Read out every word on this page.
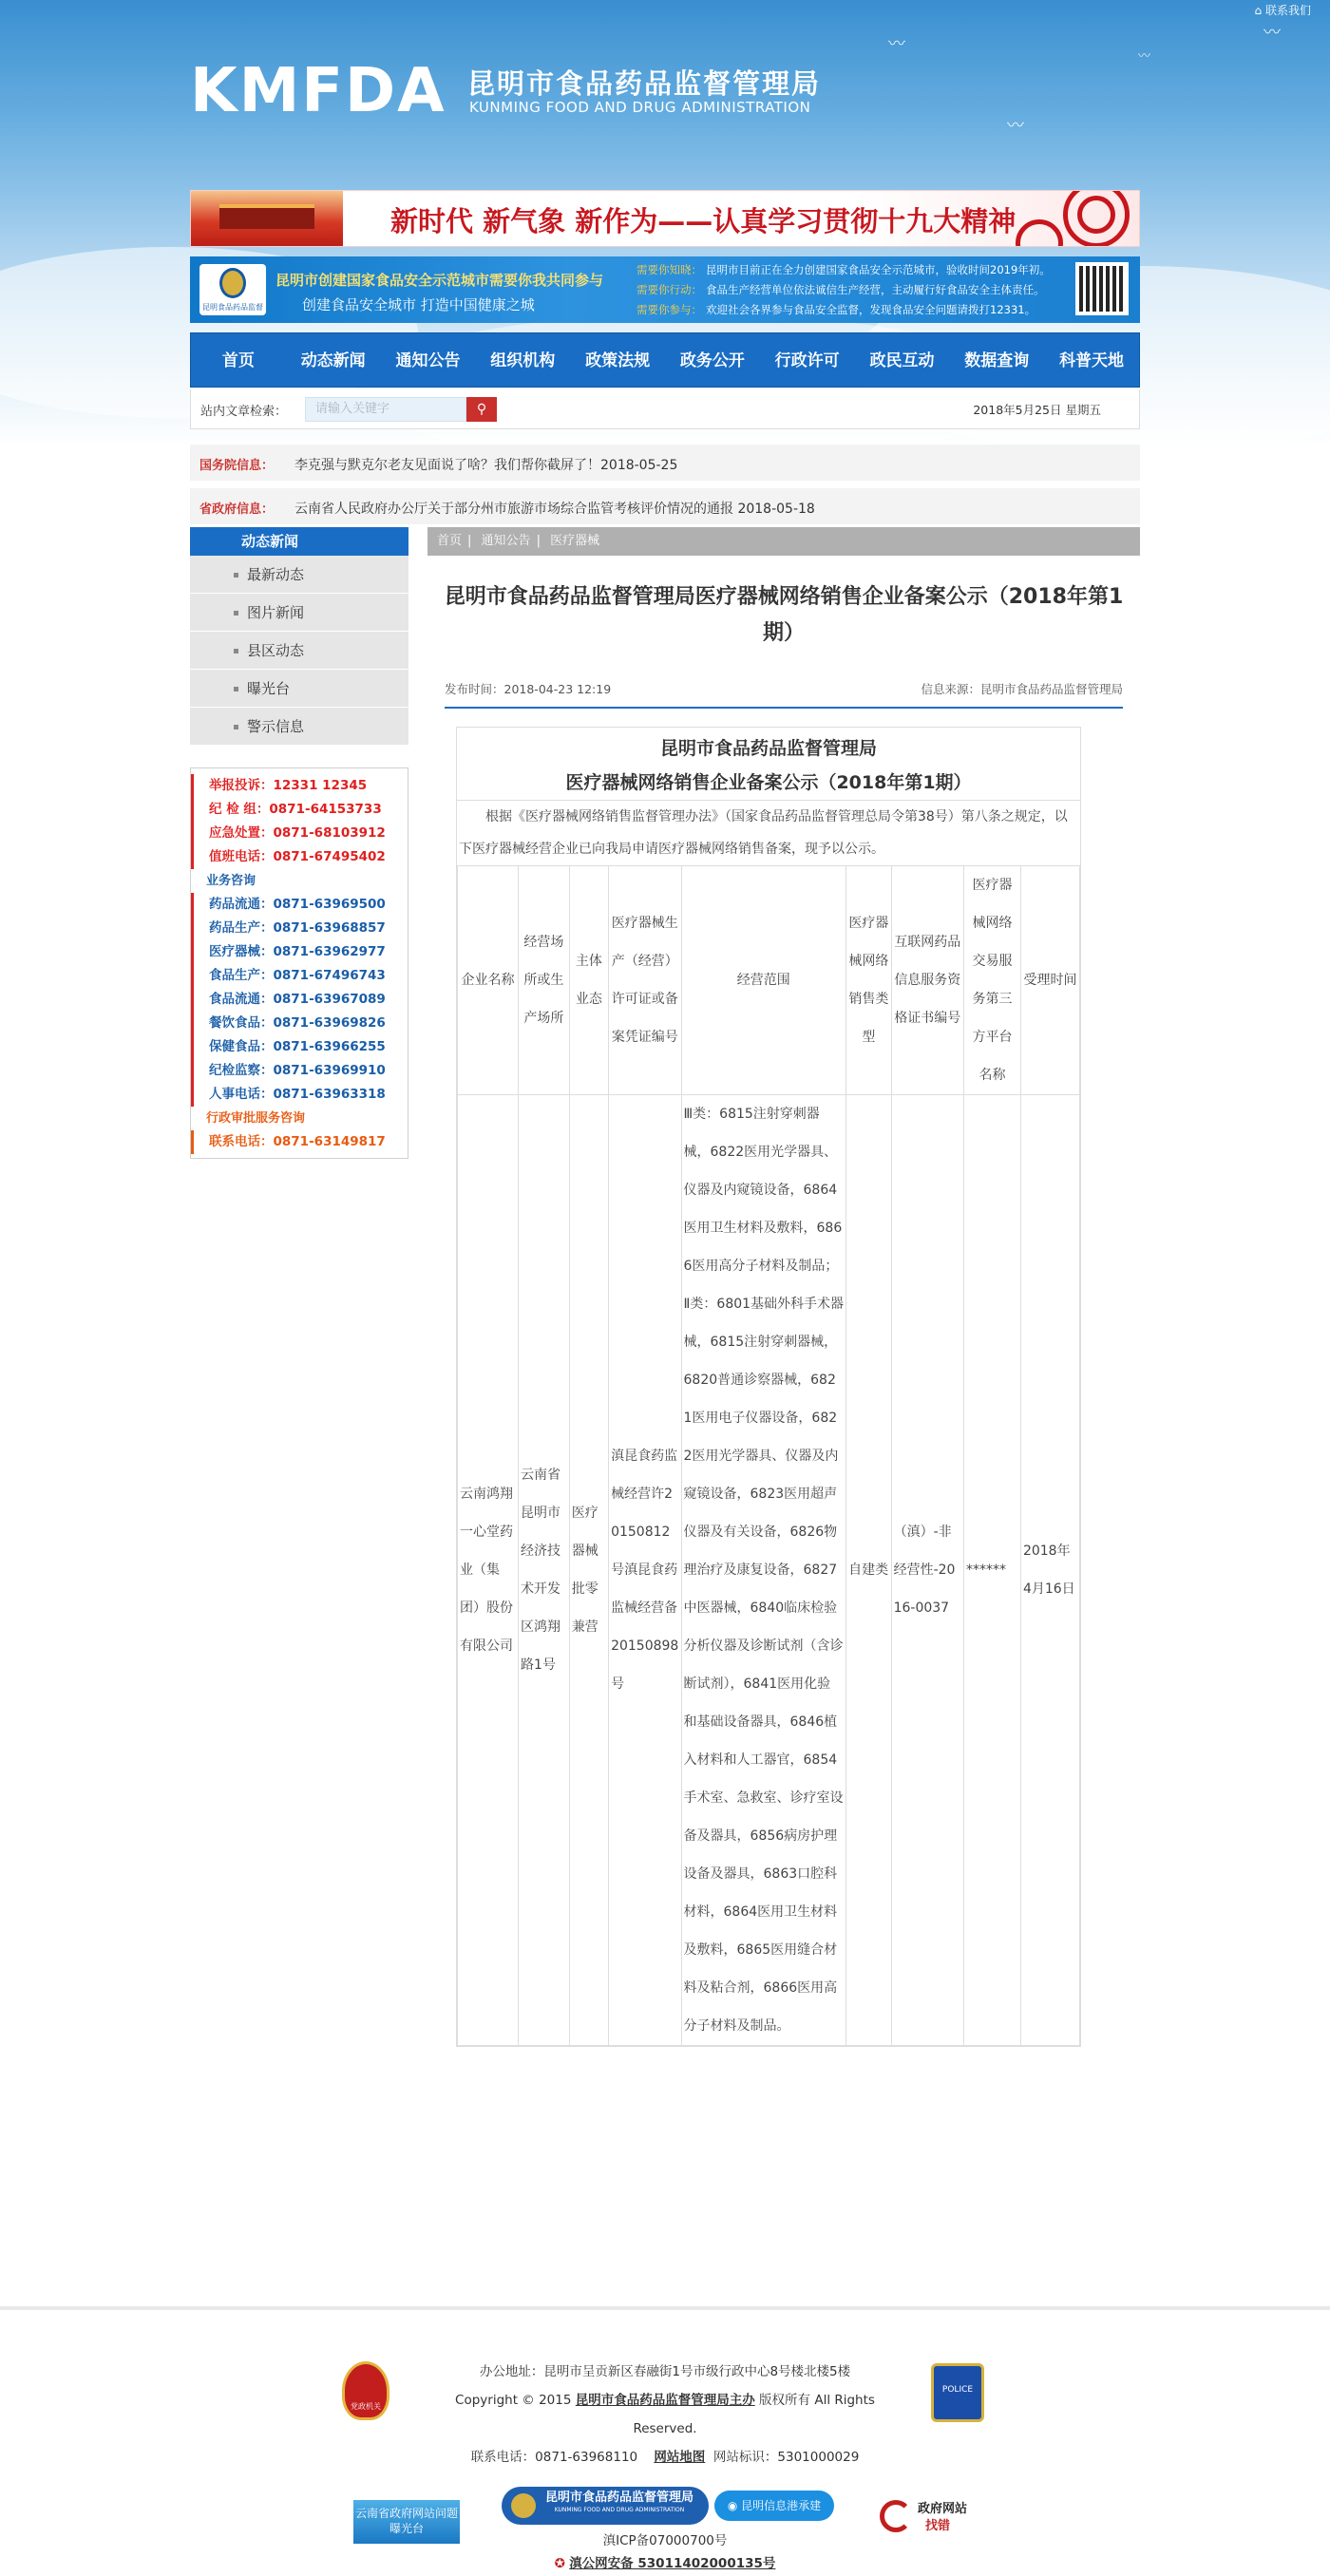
〰
〰
〰
〰
⌂ 联系我们
KMFDA 昆明市食品药品监督管理局
KUNMING FOOD AND DRUG ADMINISTRATION
新时代 新气象 新作为——认真学习贯彻十九大精神
昆明食品药品监督
昆明市创建国家食品安全示范城市需要你我共同参与
创建食品安全城市 打造中国健康之城
需要你知晓： 昆明市目前正在全力创建国家食品安全示范城市，验收时间2019年初。
需要你行动： 食品生产经营单位依法诚信生产经营，主动履行好食品安全主体责任。
需要你参与： 欢迎社会各界参与食品安全监督，发现食品安全问题请拨打12331。
首页	动态新闻	通知公告	组织机构	政策法规	政务公开	行政许可	政民互动	数据查询	科普天地
站内文章检索：	请输入关键字	⚲	2018年5月25日 星期五
国务院信息： 李克强与默克尔老友见面说了啥？我们帮你截屏了！2018-05-25
省政府信息： 云南省人民政府办公厅关于部分州市旅游市场综合监管考核评价情况的通报 2018-05-18
动态新闻
最新动态
图片新闻
县区动态
曝光台
警示信息
举报投诉：12331 12345
纪 检 组：0871-64153733
应急处置：0871-68103912
值班电话：0871-67495402
业务咨询
药品流通：0871-63969500
药品生产：0871-63968857
医疗器械：0871-63962977
食品生产：0871-67496743
食品流通：0871-63967089
餐饮食品：0871-63969826
保健食品：0871-63966255
纪检监察：0871-63969910
人事电话：0871-63963318
行政审批服务咨询
联系电话：0871-63149817
首页 | 通知公告 | 医疗器械
昆明市食品药品监督管理局医疗器械网络销售企业备案公示（2018年第1期）
发布时间：2018-04-23 12:19	信息来源：昆明市食品药品监督管理局
昆明市食品药品监督管理局
医疗器械网络销售企业备案公示（2018年第1期）
根据《医疗器械网络销售监督管理办法》（国家食品药品监督管理总局令第38号）第八条之规定，以下医疗器械经营企业已向我局申请医疗器械网络销售备案，现予以公示。
企业名称	经营场所或生产场所	主体业态	医疗器械生产（经营）许可证或备案凭证编号	经营范围	医疗器械网络销售类型	互联网药品信息服务资格证书编号	医疗器械网络交易服务第三方平台名称	受理时间
云南鸿翔一心堂药业（集团）股份有限公司	云南省昆明市经济技术开发区鸿翔路1号	医疗器械批零兼营	滇昆食药监械经营许20150812号滇昆食药监械经营备20150898号	Ⅲ类：6815注射穿刺器械，6822医用光学器具、仪器及内窥镜设备，6864医用卫生材料及敷料，6866医用高分子材料及制品；Ⅱ类：6801基础外科手术器械，6815注射穿刺器械，6820普通诊察器械，6821医用电子仪器设备，6822医用光学器具、仪器及内窥镜设备，6823医用超声仪器及有关设备，6826物理治疗及康复设备，6827中医器械，6840临床检验分析仪器及诊断试剂（含诊断试剂），6841医用化验和基础设备器具，6846植入材料和人工器官，6854手术室、急救室、诊疗室设备及器具，6856病房护理设备及器具，6863口腔科材料，6864医用卫生材料及敷料，6865医用缝合材料及粘合剂，6866医用高分子材料及制品。	自建类	（滇）-非经营性-2016-0037	******	2018年4月16日
党政机关
POLICE
办公地址：昆明市呈贡新区春融街1号市级行政中心8号楼北楼5楼
Copyright © 2015 昆明市食品药品监督管理局主办 版权所有 All Rights Reserved.
联系电话：0871-63968110 网站地图 网站标识：5301000029
云南省政府网站问题曝光台
昆明市食品药品监督管理局
KUNMING FOOD AND DRUG ADMINISTRATION	◉ 昆明信息港承建	政府网站
找错
滇ICP备07000700号
✪ 滇公网安备 53011402000135号
